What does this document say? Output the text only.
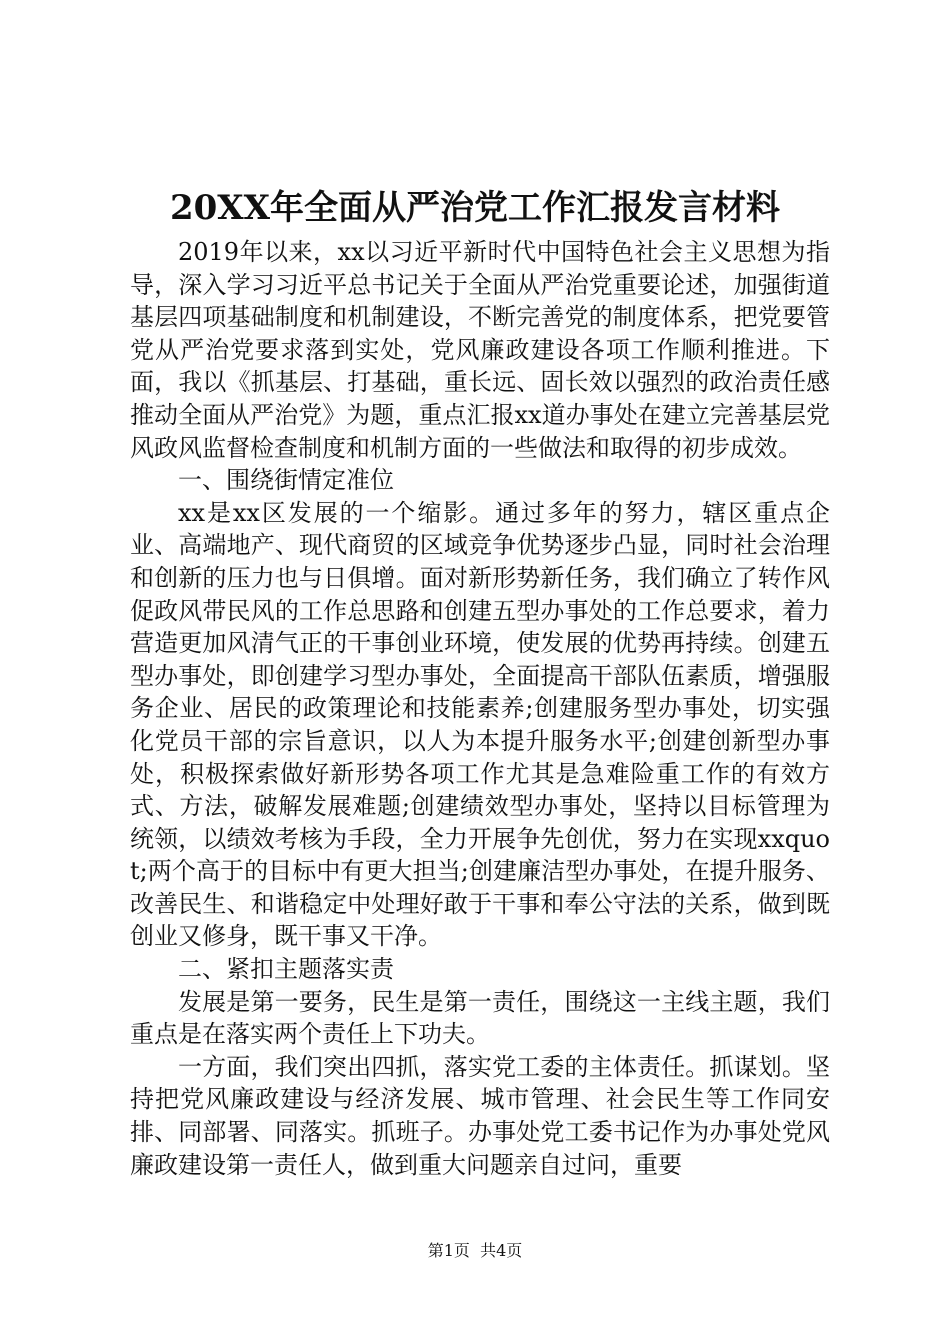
20XX年全面从严治党工作汇报发言材料

2019年以来，xx以习近平新时代中国特色社会主义思想为指导，深入学习习近平总书记关于全面从严治党重要论述，加强街道基层四项基础制度和机制建设，不断完善党的制度体系，把党要管党从严治党要求落到实处，党风廉政建设各项工作顺利推进。下面，我以《抓基层、打基础，重长远、固长效以强烈的政治责任感推动全面从严治党》为题，重点汇报xx道办事处在建立完善基层党风政风监督检查制度和机制方面的一些做法和取得的初步成效。

一、围绕街情定准位

xx是xx区发展的一个缩影。通过多年的努力，辖区重点企业、高端地产、现代商贸的区域竞争优势逐步凸显，同时社会治理和创新的压力也与日俱增。面对新形势新任务，我们确立了转作风促政风带民风的工作总思路和创建五型办事处的工作总要求，着力营造更加风清气正的干事创业环境，使发展的优势再持续。创建五型办事处，即创建学习型办事处，全面提高干部队伍素质，增强服务企业、居民的政策理论和技能素养;创建服务型办事处，切实强化党员干部的宗旨意识，以人为本提升服务水平;创建创新型办事处，积极探索做好新形势各项工作尤其是急难险重工作的有效方式、方法，破解发展难题;创建绩效型办事处，坚持以目标管理为统领，以绩效考核为手段，全力开展争先创优，努力在实现xxquot;两个高于的目标中有更大担当;创建廉洁型办事处，在提升服务、改善民生、和谐稳定中处理好敢于干事和奉公守法的关系，做到既创业又修身，既干事又干净。

二、紧扣主题落实责

发展是第一要务，民生是第一责任，围绕这一主线主题，我们重点是在落实两个责任上下功夫。

一方面，我们突出四抓，落实党工委的主体责任。抓谋划。坚持把党风廉政建设与经济发展、城市管理、社会民生等工作同安排、同部署、同落实。抓班子。办事处党工委书记作为办事处党风廉政建设第一责任人，做到重大问题亲自过问，重要

第1页 共4页
